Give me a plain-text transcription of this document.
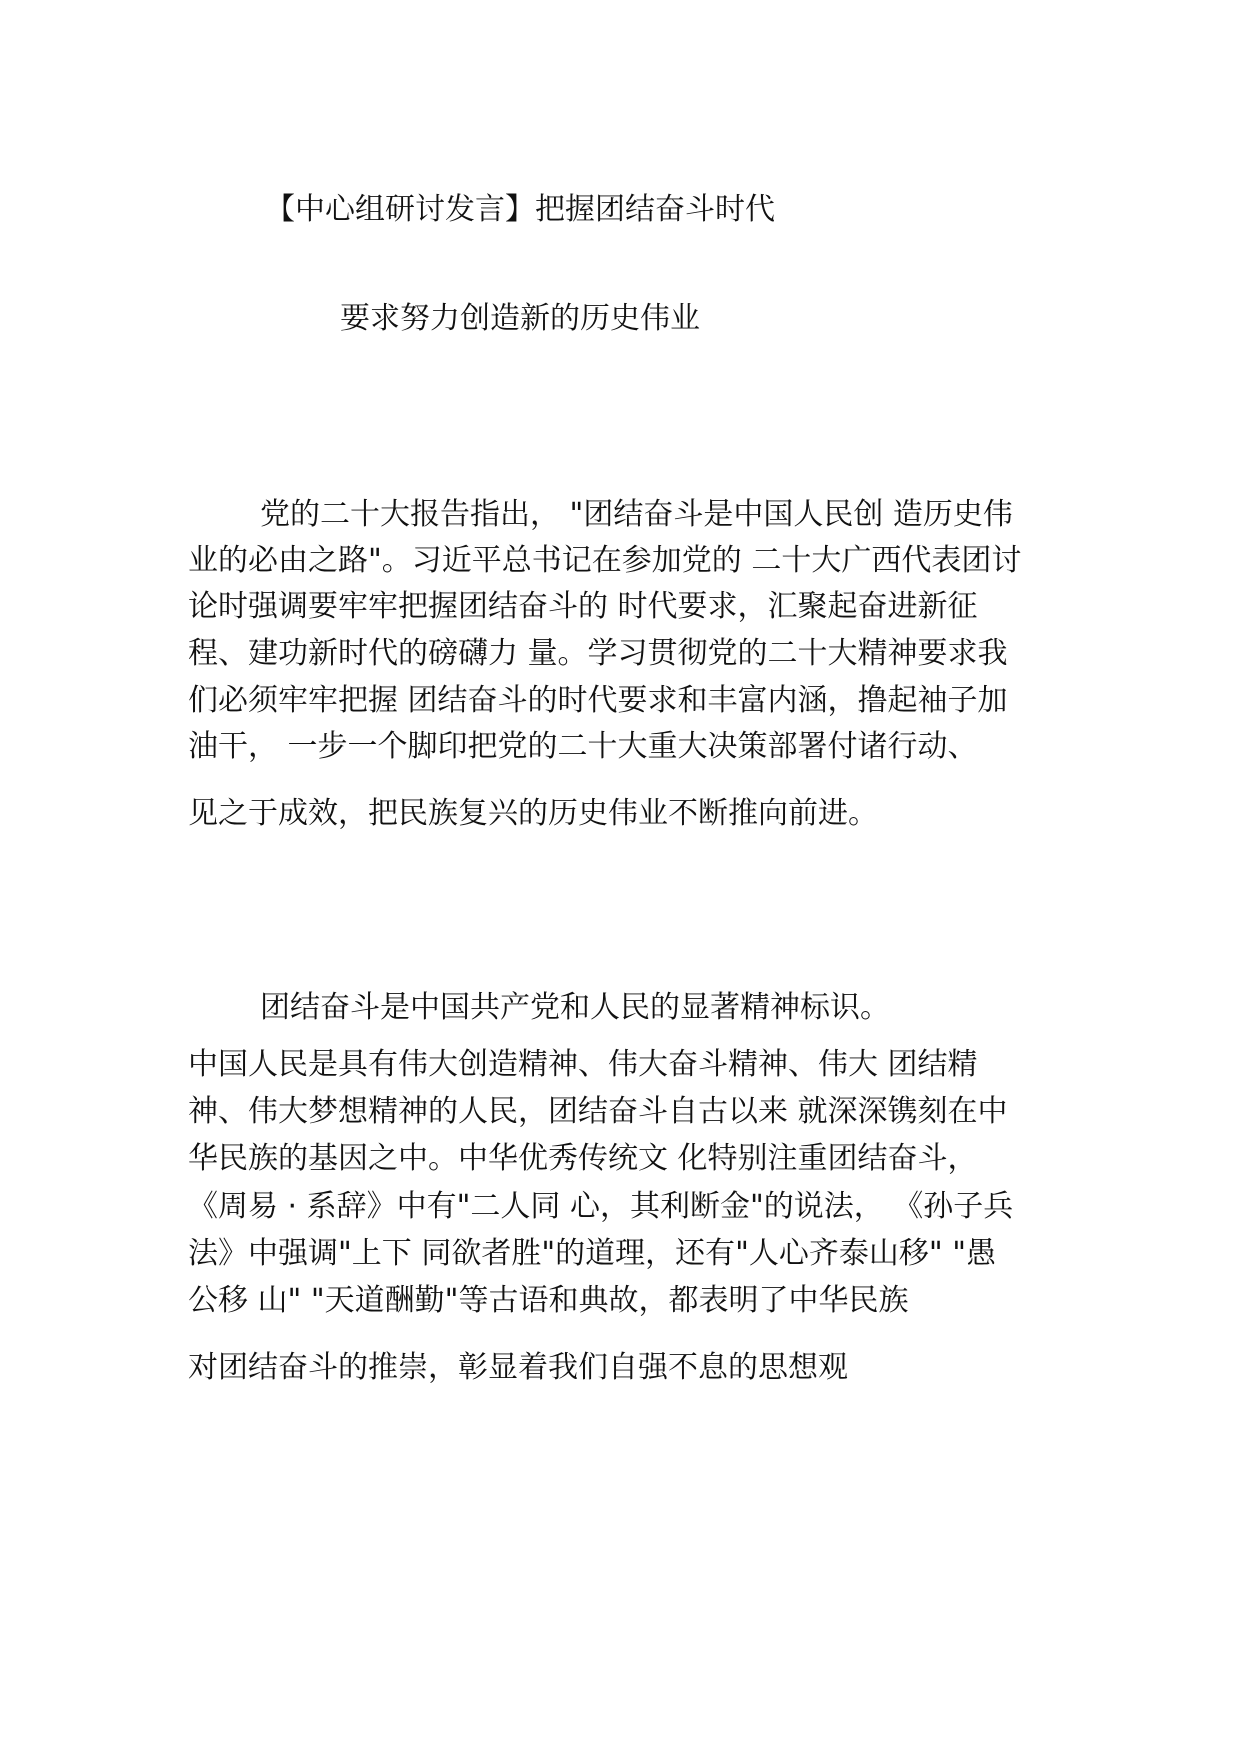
【中心组研讨发言】把握团结奋斗时代
要求努力创造新的历史伟业
党的二十大报告指出， "团结奋斗是中国人民创 造历史伟
业的必由之路"。习近平总书记在参加党的 二十大广西代表团讨
论时强调要牢牢把握团结奋斗的 时代要求，汇聚起奋进新征
程、建功新时代的磅礴力 量。学习贯彻党的二十大精神要求我
们必须牢牢把握 团结奋斗的时代要求和丰富内涵，撸起袖子加
油干， 一步一个脚印把党的二十大重大决策部署付诸行动、
见之于成效，把民族复兴的历史伟业不断推向前进。
团结奋斗是中国共产党和人民的显著精神标识。
中国人民是具有伟大创造精神、伟大奋斗精神、伟大 团结精
神、伟大梦想精神的人民，团结奋斗自古以来 就深深镌刻在中
华民族的基因之中。中华优秀传统文 化特别注重团结奋斗，
《周易 · 系辞》中有"二人同 心，其利断金"的说法， 《孙子兵
法》中强调"上下 同欲者胜"的道理，还有"人心齐泰山移" "愚
公移 山" "天道酬勤"等古语和典故，都表明了中华民族
对团结奋斗的推崇，彰显着我们自强不息的思想观
